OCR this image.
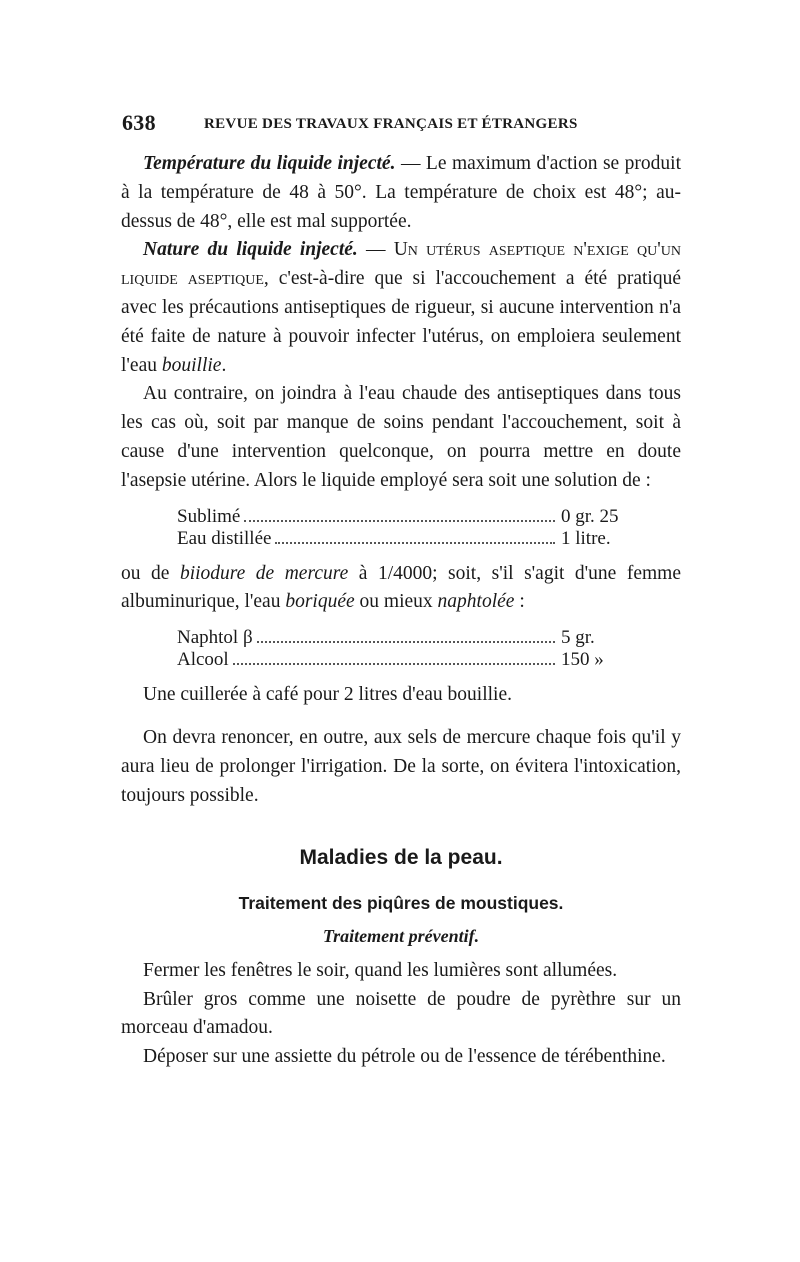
638	REVUE DES TRAVAUX FRANÇAIS ET ÉTRANGERS

Température du liquide injecté. — Le maximum d'action se produit à la température de 48 à 50°. La température de choix est 48°; au-dessus de 48°, elle est mal supportée.

Nature du liquide injecté. — Un utérus aseptique n'exige qu'un liquide aseptique, c'est-à-dire que si l'accouchement a été pratiqué avec les précautions antiseptiques de rigueur, si aucune intervention n'a été faite de nature à pouvoir infecter l'utérus, on emploiera seulement l'eau bouillie.

Au contraire, on joindra à l'eau chaude des antiseptiques dans tous les cas où, soit par manque de soins pendant l'accouchement, soit à cause d'une intervention quelconque, on pourra mettre en doute l'asepsie utérine. Alors le liquide employé sera soit une solution de :

Sublimé	0 gr. 25
Eau distillée	1 litre.

ou de biiodure de mercure à 1/4000; soit, s'il s'agit d'une femme albuminurique, l'eau boriquée ou mieux naphtolée :

Naphtol β	5 gr.
Alcool	150 »

Une cuillerée à café pour 2 litres d'eau bouillie.

On devra renoncer, en outre, aux sels de mercure chaque fois qu'il y aura lieu de prolonger l'irrigation. De la sorte, on évitera l'intoxication, toujours possible.

Maladies de la peau.
Traitement des piqûres de moustiques.
Traitement préventif.

Fermer les fenêtres le soir, quand les lumières sont allumées.

Brûler gros comme une noisette de poudre de pyrèthre sur un morceau d'amadou.

Déposer sur une assiette du pétrole ou de l'essence de térébenthine.
